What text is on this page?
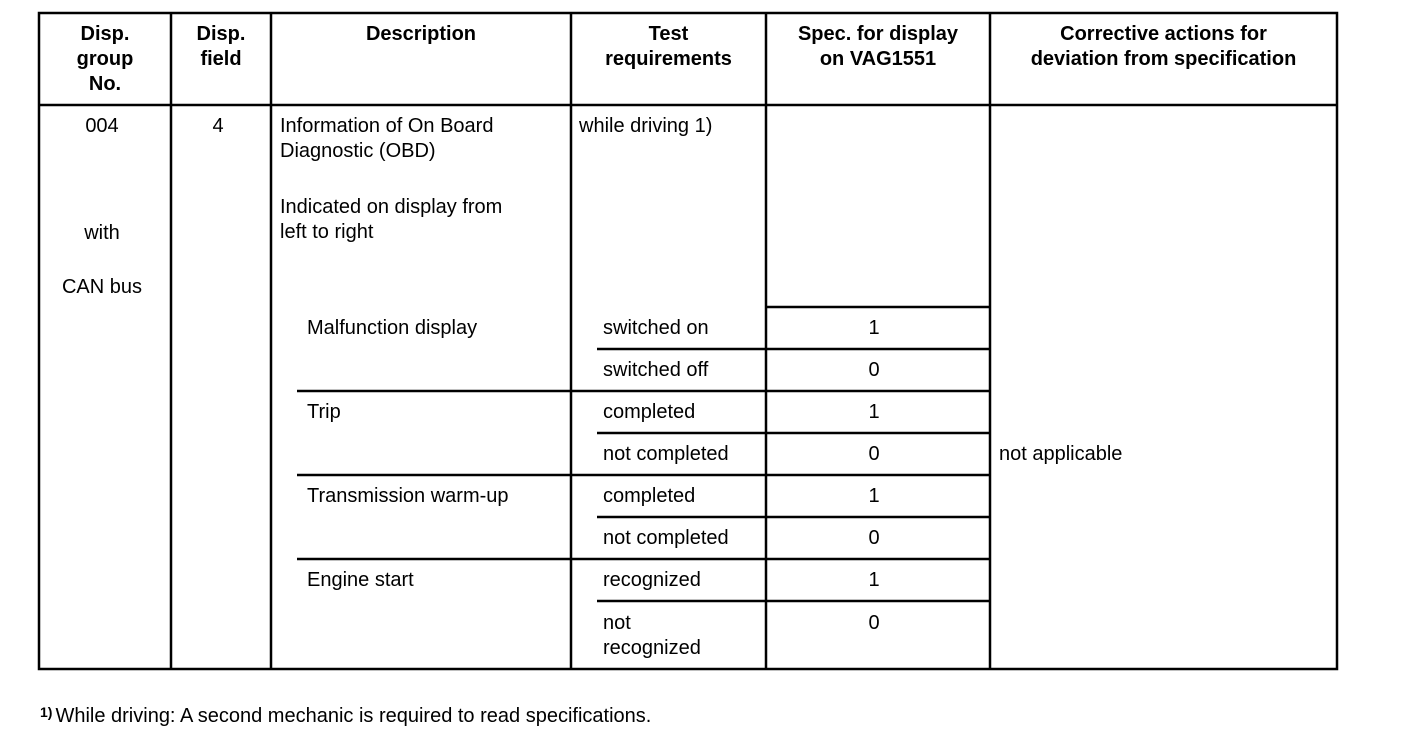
Disp.
group
No.
Disp.
field
Description	Test
requirements
Spec. for display
on VAG1551
Corrective actions for
deviation from specification
004
with
CAN bus
4	Information of On Board
Diagnostic (OBD)
Indicated on display from
left to right
while driving 1)
Malfunction display
Trip
Transmission warm-up
Engine start
switched on
switched off
completed
not completed
completed
not completed
recognized
not
recognized
1
0
1
0
1
0
1
0
not applicable
$^{1)}$ While driving: A second mechanic is required to read specifications.
